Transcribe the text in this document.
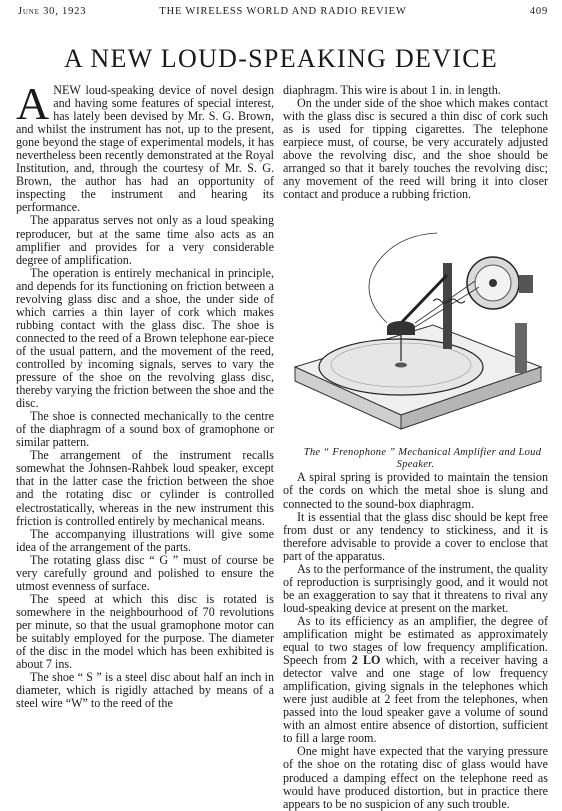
June 30, 1923	THE WIRELESS WORLD AND RADIO REVIEW	409
A NEW LOUD-SPEAKING DEVICE

ANEW loud-speaking device of novel design and having some features of special interest, has lately been devised by Mr. S. G. Brown, and whilst the instrument has not, up to the present, gone beyond the stage of experimental models, it has nevertheless been recently demonstrated at the Royal Institution, and, through the courtesy of Mr. S. G. Brown, the author has had an opportunity of inspecting the instrument and hearing its performance.

The apparatus serves not only as a loud speaking reproducer, but at the same time also acts as an amplifier and provides for a very considerable degree of amplification.

The operation is entirely mechanical in principle, and depends for its functioning on friction between a revolving glass disc and a shoe, the under side of which carries a thin layer of cork which makes rubbing contact with the glass disc. The shoe is connected to the reed of a Brown telephone ear-piece of the usual pattern, and the movement of the reed, controlled by incoming signals, serves to vary the pressure of the shoe on the revolving glass disc, thereby varying the friction between the shoe and the disc.

The shoe is connected mechanically to the centre of the diaphragm of a sound box of gramophone or similar pattern.

The arrangement of the instrument recalls somewhat the Johnsen-Rahbek loud speaker, except that in the latter case the friction between the shoe and the rotating disc or cylinder is controlled electrostatically, whereas in the new instrument this friction is controlled entirely by mechanical means.

The accompanying illustrations will give some idea of the arrangement of the parts.

The rotating glass disc “ G ” must of course be very carefully ground and polished to ensure the utmost evenness of surface.

The speed at which this disc is rotated is somewhere in the neighbourhood of 70 revolutions per minute, so that the usual gramophone motor can be suitably employed for the purpose. The diameter of the disc in the model which has been exhibited is about 7 ins.

The shoe “ S ” is a steel disc about half an inch in diameter, which is rigidly attached by means of a steel wire “W” to the reed of the

diaphragm. This wire is about 1 in. in length.

On the under side of the shoe which makes contact with the glass disc is secured a thin disc of cork such as is used for tipping cigarettes. The telephone earpiece must, of course, be very accurately adjusted above the revolving disc, and the shoe should be arranged so that it barely touches the revolving disc; any movement of the reed will bring it into closer contact and produce a rubbing friction.

The “ Frenophone ” Mechanical Amplifier and Loud Speaker.

A spiral spring is provided to maintain the tension of the cords on which the metal shoe is slung and connected to the sound-box diaphragm.

It is essential that the glass disc should be kept free from dust or any tendency to stickiness, and it is therefore advisable to provide a cover to enclose that part of the apparatus.

As to the performance of the instrument, the quality of reproduction is surprisingly good, and it would not be an exaggeration to say that it threatens to rival any loud-speaking device at present on the market.

As to its efficiency as an amplifier, the degree of amplification might be estimated as approximately equal to two stages of low frequency amplification. Speech from 2 LO which, with a receiver having a detector valve and one stage of low frequency amplification, giving signals in the telephones which were just audible at 2 feet from the telephones, when passed into the loud speaker gave a volume of sound with an almost entire absence of distortion, sufficient to fill a large room.

One might have expected that the varying pressure of the shoe on the rotating disc of glass would have produced a damping effect on the telephone reed as would have produced distortion, but in practice there appears to be no suspicion of any such trouble.
